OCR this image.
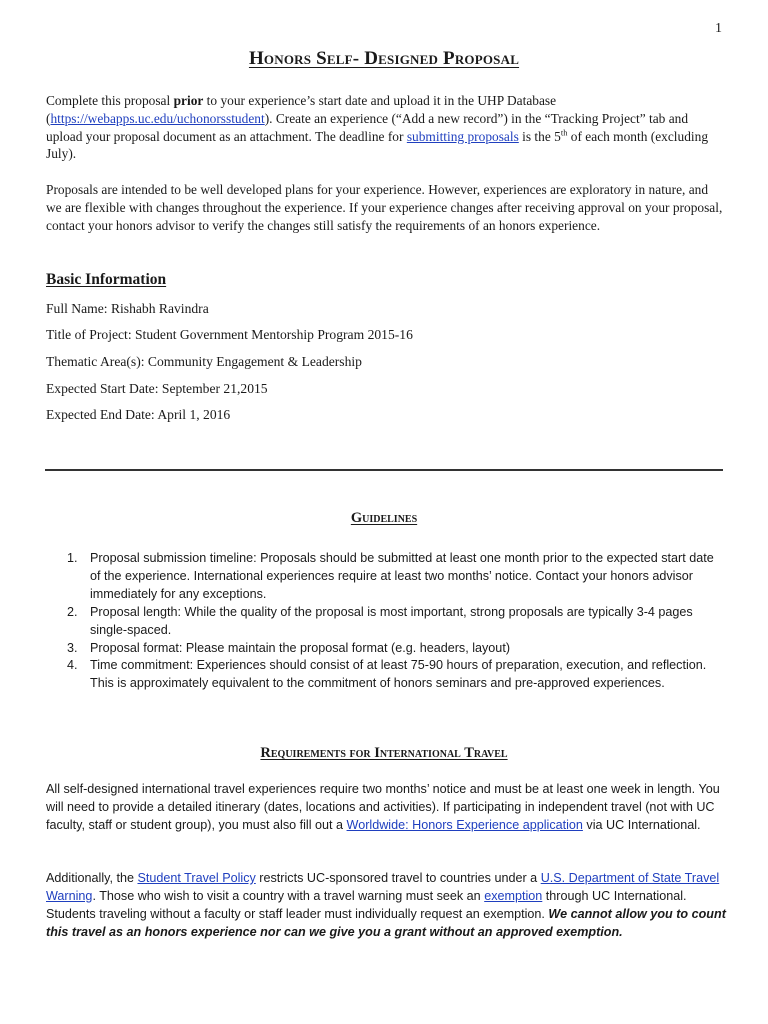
1
Honors Self- Designed Proposal

Complete this proposal prior to your experience’s start date and upload it in the UHP Database (https://webapps.uc.edu/uchonorsstudent). Create an experience (“Add a new record”) in the “Tracking Project” tab and upload your proposal document as an attachment. The deadline for submitting proposals is the 5th of each month (excluding July).

Proposals are intended to be well developed plans for your experience. However, experiences are exploratory in nature, and we are flexible with changes throughout the experience. If your experience changes after receiving approval on your proposal, contact your honors advisor to verify the changes still satisfy the requirements of an honors experience.

Basic Information
Full Name: Rishabh Ravindra
Title of Project: Student Government Mentorship Program 2015-16
Thematic Area(s): Community Engagement & Leadership
Expected Start Date: September 21,2015
Expected End Date: April 1, 2016
Guidelines
1. Proposal submission timeline: Proposals should be submitted at least one month prior to the expected start date of the experience. International experiences require at least two months’ notice. Contact your honors advisor immediately for any exceptions.
2. Proposal length: While the quality of the proposal is most important, strong proposals are typically 3-4 pages single-spaced.
3. Proposal format: Please maintain the proposal format (e.g. headers, layout)
4. Time commitment: Experiences should consist of at least 75-90 hours of preparation, execution, and reflection. This is approximately equivalent to the commitment of honors seminars and pre-approved experiences.
Requirements for International Travel

All self-designed international travel experiences require two months’ notice and must be at least one week in length. You will need to provide a detailed itinerary (dates, locations and activities). If participating in independent travel (not with UC faculty, staff or student group), you must also fill out a Worldwide: Honors Experience application via UC International.

Additionally, the Student Travel Policy restricts UC-sponsored travel to countries under a U.S. Department of State Travel Warning. Those who wish to visit a country with a travel warning must seek an exemption through UC International. Students traveling without a faculty or staff leader must individually request an exemption. We cannot allow you to count this travel as an honors experience nor can we give you a grant without an approved exemption.
